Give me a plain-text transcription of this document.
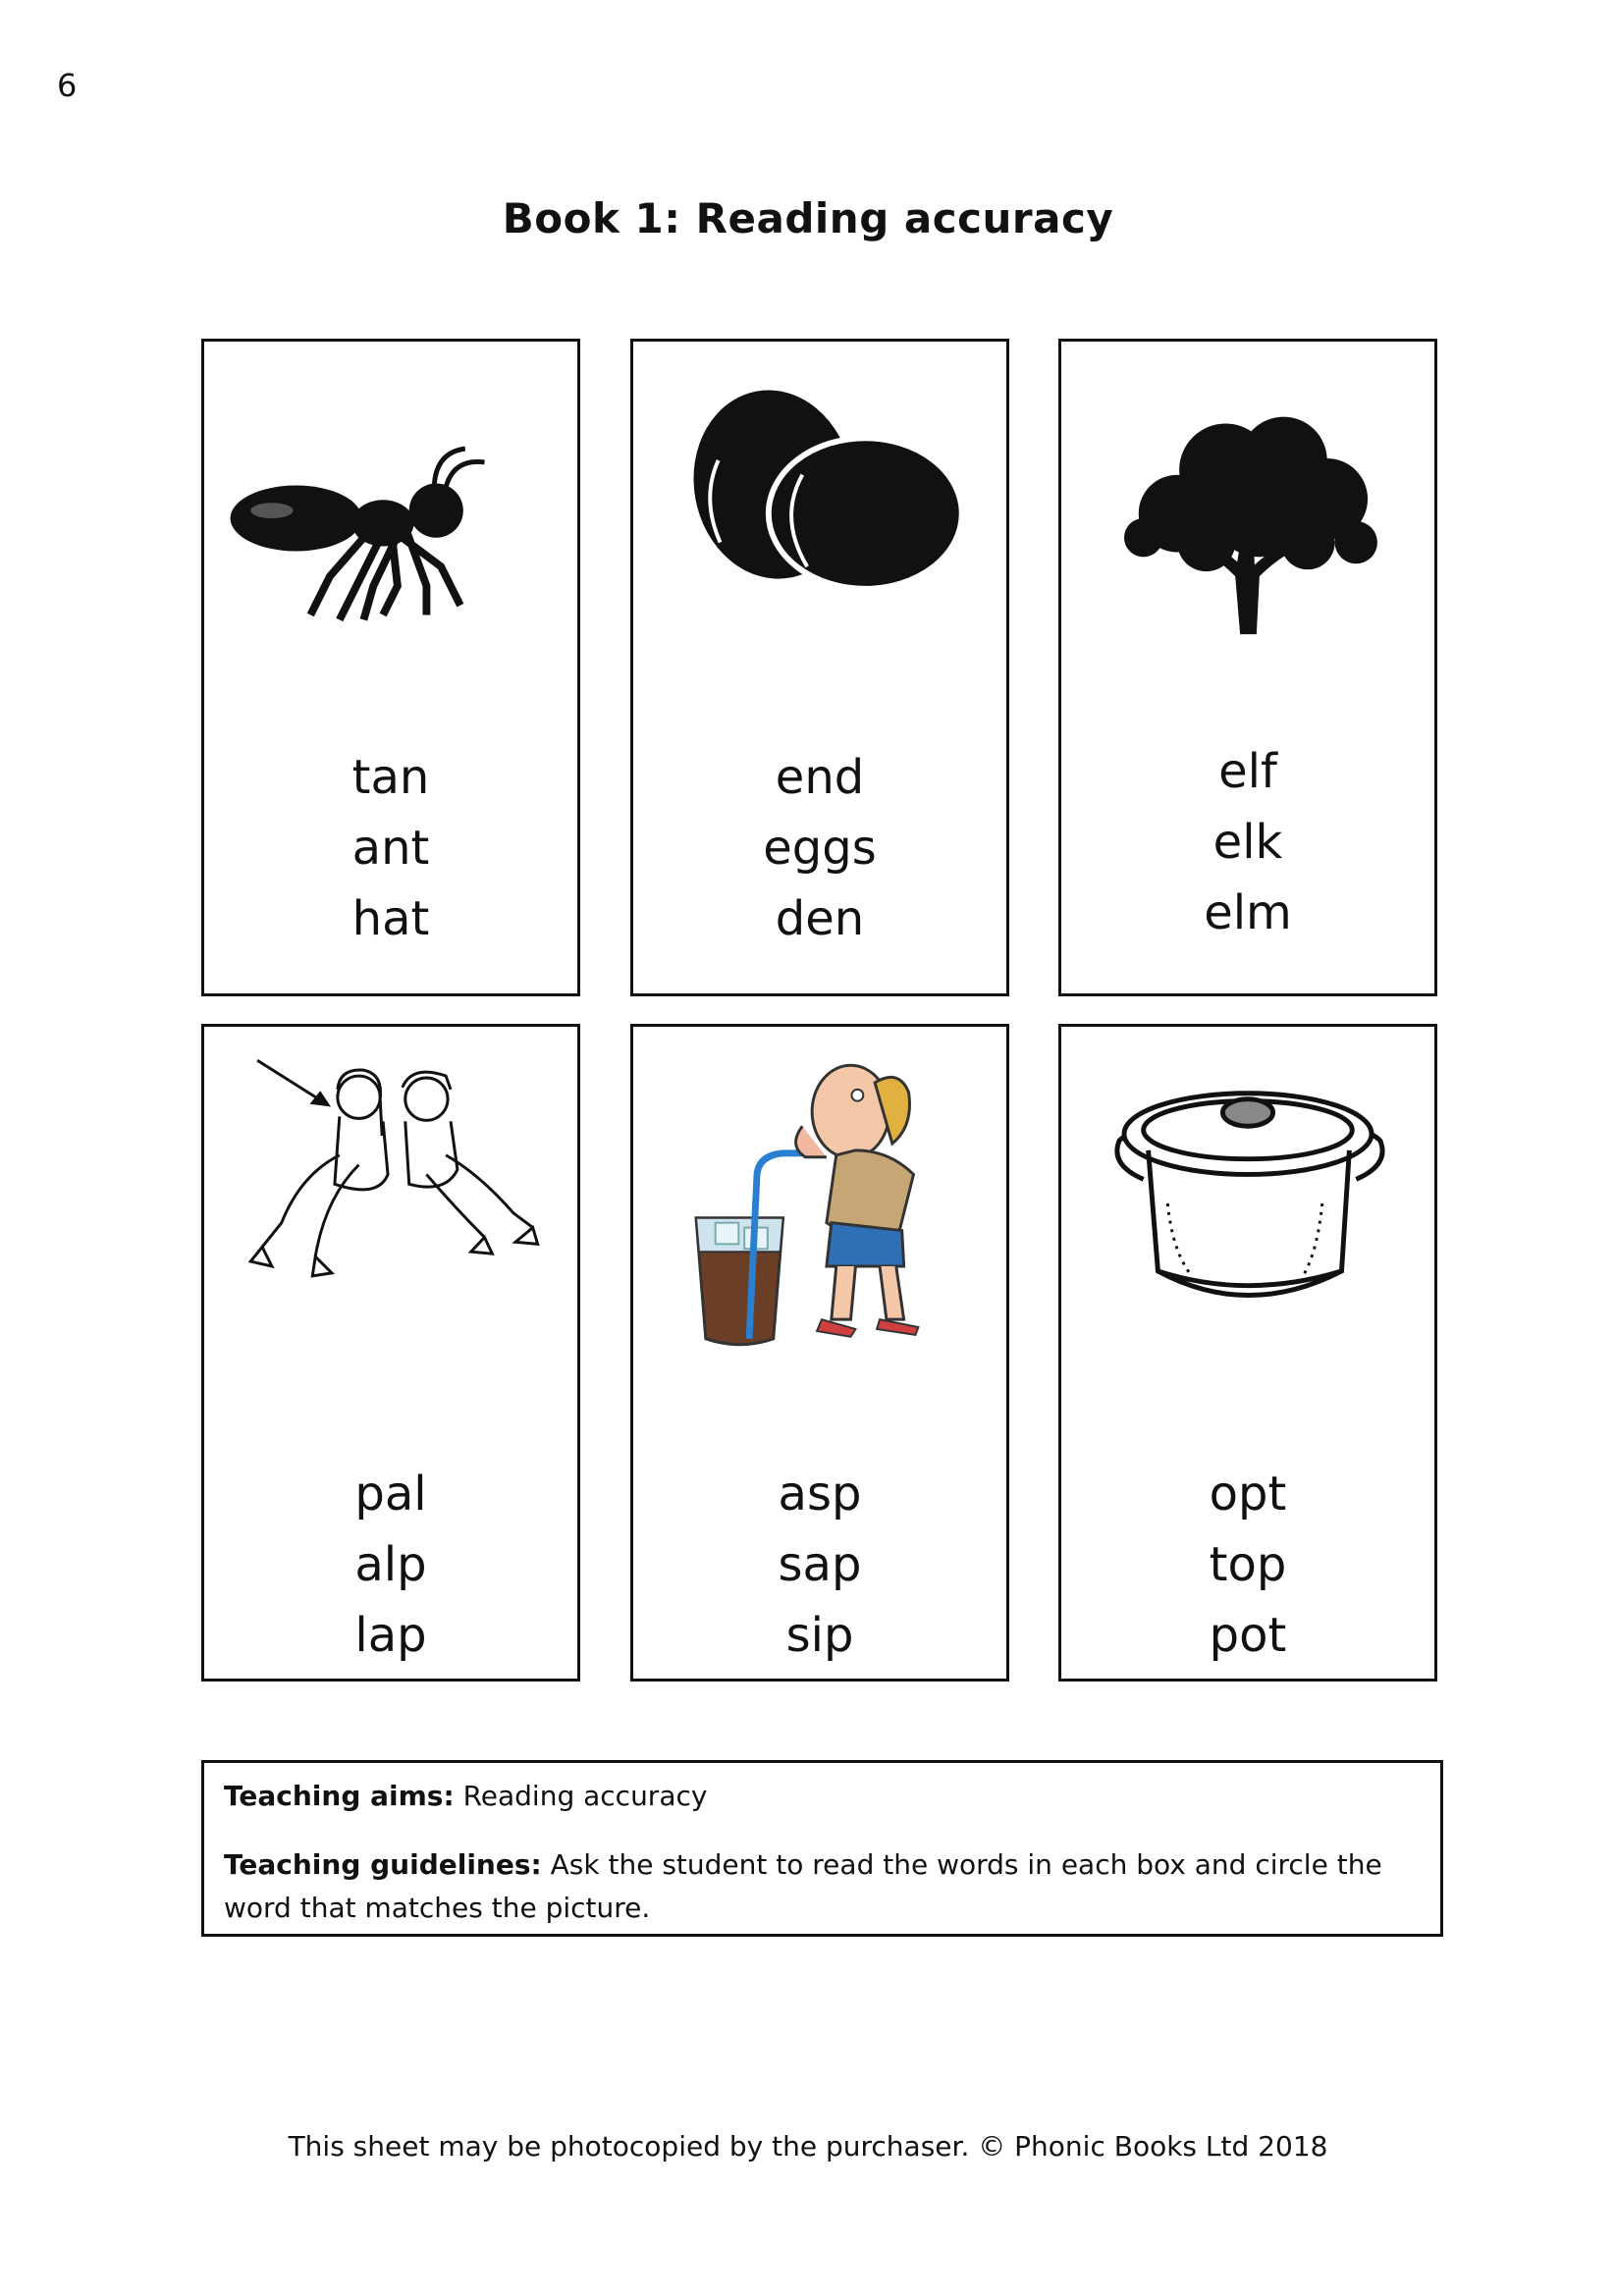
6
Book 1: Reading accuracy
tan
ant
hat
end
eggs
den
elf
elk
elm
pal
alp
lap
asp
sap
sip
opt
top
pot

Teaching aims: Reading accuracy

Teaching guidelines: Ask the student to read the words in each box and circle the word that matches the picture.

This sheet may be photocopied by the purchaser. © Phonic Books Ltd 2018
